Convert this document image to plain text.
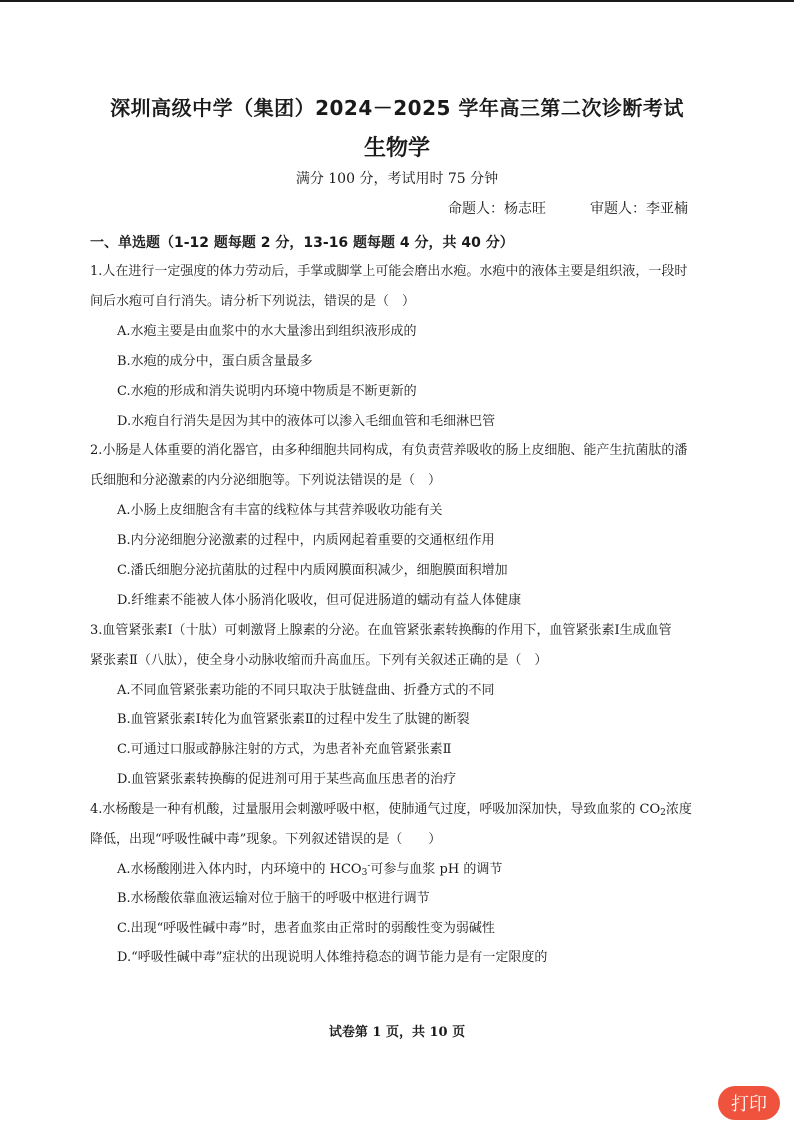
深圳高级中学（集团）2024－2025 学年高三第二次诊断考试
生物学
满分 100 分，考试用时 75 分钟
命题人：杨志旺	审题人：李亚楠
一、单选题（1-12 题每题 2 分，13-16 题每题 4 分，共 40 分）
1.人在进行一定强度的体力劳动后，手掌或脚掌上可能会磨出水疱。水疱中的液体主要是组织液，一段时
间后水疱可自行消失。请分析下列说法，错误的是（　）
A.水疱主要是由血浆中的水大量渗出到组织液形成的
B.水疱的成分中，蛋白质含量最多
C.水疱的形成和消失说明内环境中物质是不断更新的
D.水疱自行消失是因为其中的液体可以渗入毛细血管和毛细淋巴管
2.小肠是人体重要的消化器官，由多种细胞共同构成，有负责营养吸收的肠上皮细胞、能产生抗菌肽的潘
氏细胞和分泌激素的内分泌细胞等。下列说法错误的是（　）
A.小肠上皮细胞含有丰富的线粒体与其营养吸收功能有关
B.内分泌细胞分泌激素的过程中，内质网起着重要的交通枢纽作用
C.潘氏细胞分泌抗菌肽的过程中内质网膜面积减少，细胞膜面积增加
D.纤维素不能被人体小肠消化吸收，但可促进肠道的蠕动有益人体健康
3.血管紧张素Ⅰ（十肽）可刺激肾上腺素的分泌。在血管紧张素转换酶的作用下，血管紧张素Ⅰ生成血管
紧张素Ⅱ（八肽），使全身小动脉收缩而升高血压。下列有关叙述正确的是（　）
A.不同血管紧张素功能的不同只取决于肽链盘曲、折叠方式的不同
B.血管紧张素Ⅰ转化为血管紧张素Ⅱ的过程中发生了肽键的断裂
C.可通过口服或静脉注射的方式，为患者补充血管紧张素Ⅱ
D.血管紧张素转换酶的促进剂可用于某些高血压患者的治疗
4.水杨酸是一种有机酸，过量服用会刺激呼吸中枢，使肺通气过度，呼吸加深加快，导致血浆的 $CO_2$浓度
降低，出现“呼吸性碱中毒”现象。下列叙述错误的是（　　）
A.水杨酸刚进入体内时，内环境中的 $HCO_3^-$可参与血浆 pH 的调节
B.水杨酸依靠血液运输对位于脑干的呼吸中枢进行调节
C.出现“呼吸性碱中毒”时，患者血浆由正常时的弱酸性变为弱碱性
D.“呼吸性碱中毒”症状的出现说明人体维持稳态的调节能力是有一定限度的
试卷第 1 页，共 10 页
打印
